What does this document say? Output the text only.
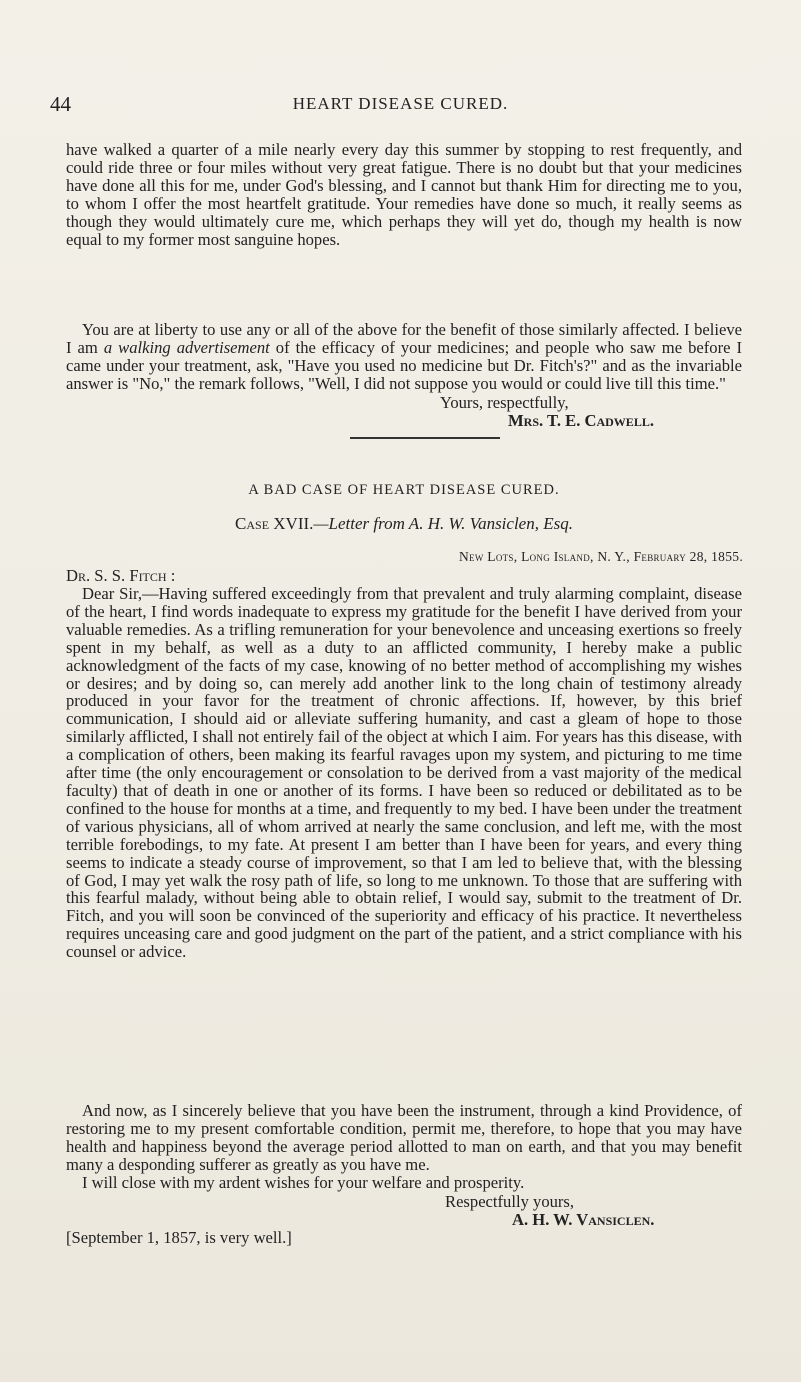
44	HEART DISEASE CURED.

have walked a quarter of a mile nearly every day this summer by stopping to rest frequently, and could ride three or four miles without very great fatigue. There is no doubt but that your medicines have done all this for me, under God's blessing, and I cannot but thank Him for directing me to you, to whom I offer the most heartfelt gratitude. Your remedies have done so much, it really seems as though they would ultimately cure me, which perhaps they will yet do, though my health is now equal to my former most sanguine hopes.

You are at liberty to use any or all of the above for the benefit of those similarly affected. I believe I am a walking advertisement of the efficacy of your medicines; and people who saw me before I came under your treatment, ask, "Have you used no medicine but Dr. Fitch's?" and as the invariable answer is "No," the remark follows, "Well, I did not suppose you would or could live till this time."

Yours, respectfully,
Mrs. T. E. Cadwell.
A BAD CASE OF HEART DISEASE CURED.
Case XVII.—Letter from A. H. W. Vansiclen, Esq.
New Lots, Long Island, N. Y., February 28, 1855.
Dr. S. S. Fitch :

Dear Sir,—Having suffered exceedingly from that prevalent and truly alarming complaint, disease of the heart, I find words inadequate to express my gratitude for the benefit I have derived from your valuable remedies. As a trifling remuneration for your benevolence and unceasing exertions so freely spent in my behalf, as well as a duty to an afflicted community, I hereby make a public acknowledgment of the facts of my case, knowing of no better method of accomplishing my wishes or desires; and by doing so, can merely add another link to the long chain of testimony already produced in your favor for the treatment of chronic affections. If, however, by this brief communication, I should aid or alleviate suffering humanity, and cast a gleam of hope to those similarly afflicted, I shall not entirely fail of the object at which I aim. For years has this disease, with a complication of others, been making its fearful ravages upon my system, and picturing to me time after time (the only encouragement or consolation to be derived from a vast majority of the medical faculty) that of death in one or another of its forms. I have been so reduced or debilitated as to be confined to the house for months at a time, and frequently to my bed. I have been under the treatment of various physicians, all of whom arrived at nearly the same conclusion, and left me, with the most terrible forebodings, to my fate. At present I am better than I have been for years, and every thing seems to indicate a steady course of improvement, so that I am led to believe that, with the blessing of God, I may yet walk the rosy path of life, so long to me unknown. To those that are suffering with this fearful malady, without being able to obtain relief, I would say, submit to the treatment of Dr. Fitch, and you will soon be convinced of the superiority and efficacy of his practice. It nevertheless requires unceasing care and good judgment on the part of the patient, and a strict compliance with his counsel or advice.

And now, as I sincerely believe that you have been the instrument, through a kind Providence, of restoring me to my present comfortable condition, permit me, therefore, to hope that you may have health and happiness beyond the average period allotted to man on earth, and that you may benefit many a desponding sufferer as greatly as you have me.

I will close with my ardent wishes for your welfare and prosperity.

Respectfully yours,
A. H. W. Vansiclen.
[September 1, 1857, is very well.]
